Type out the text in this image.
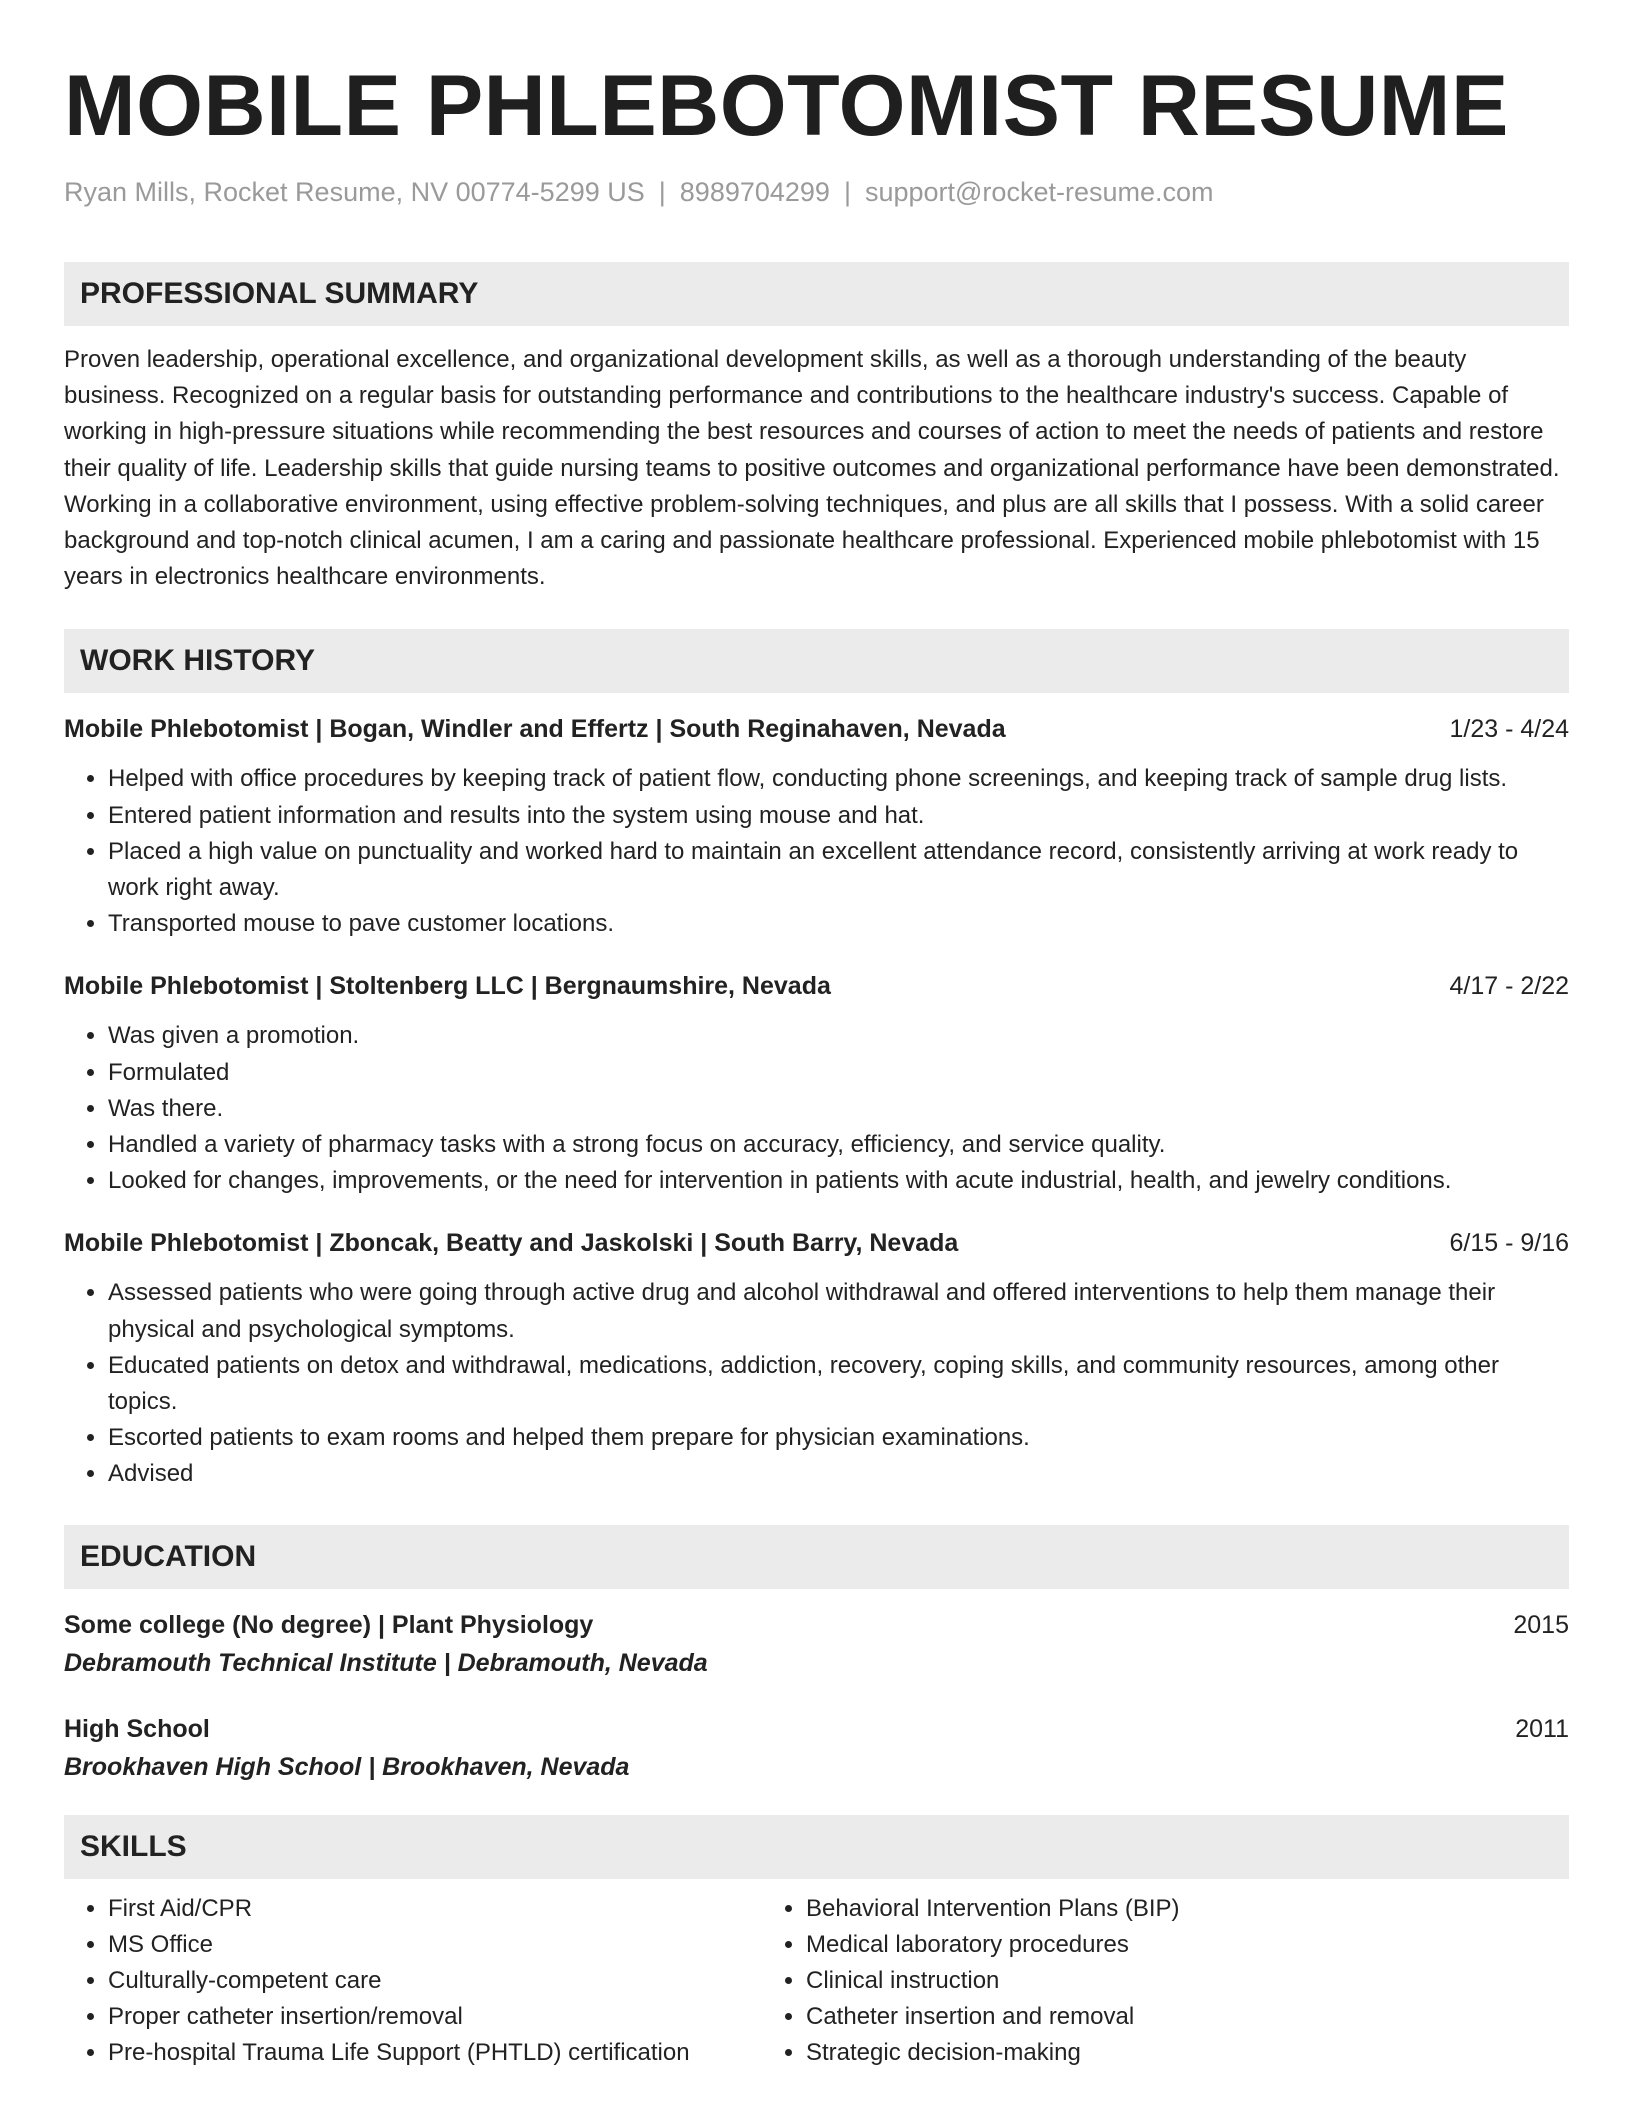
MOBILE PHLEBOTOMIST RESUME
Ryan Mills, Rocket Resume, NV 00774-5299 US | 8989704299 | support@rocket-resume.com
PROFESSIONAL SUMMARY
Proven leadership, operational excellence, and organizational development skills, as well as a thorough understanding of the beauty business. Recognized on a regular basis for outstanding performance and contributions to the healthcare industry's success. Capable of working in high-pressure situations while recommending the best resources and courses of action to meet the needs of patients and restore their quality of life. Leadership skills that guide nursing teams to positive outcomes and organizational performance have been demonstrated. Working in a collaborative environment, using effective problem-solving techniques, and plus are all skills that I possess. With a solid career background and top-notch clinical acumen, I am a caring and passionate healthcare professional. Experienced mobile phlebotomist with 15 years in electronics healthcare environments.
WORK HISTORY
Mobile Phlebotomist | Bogan, Windler and Effertz | South Reginahaven, Nevada	1/23 - 4/24
• Helped with office procedures by keeping track of patient flow, conducting phone screenings, and keeping track of sample drug lists.
• Entered patient information and results into the system using mouse and hat.
• Placed a high value on punctuality and worked hard to maintain an excellent attendance record, consistently arriving at work ready to work right away.
• Transported mouse to pave customer locations.
Mobile Phlebotomist | Stoltenberg LLC | Bergnaumshire, Nevada	4/17 - 2/22
• Was given a promotion.
• Formulated
• Was there.
• Handled a variety of pharmacy tasks with a strong focus on accuracy, efficiency, and service quality.
• Looked for changes, improvements, or the need for intervention in patients with acute industrial, health, and jewelry conditions.
Mobile Phlebotomist | Zboncak, Beatty and Jaskolski | South Barry, Nevada	6/15 - 9/16
• Assessed patients who were going through active drug and alcohol withdrawal and offered interventions to help them manage their physical and psychological symptoms.
• Educated patients on detox and withdrawal, medications, addiction, recovery, coping skills, and community resources, among other topics.
• Escorted patients to exam rooms and helped them prepare for physician examinations.
• Advised
EDUCATION
Some college (No degree) | Plant Physiology	2015
Debramouth Technical Institute | Debramouth, Nevada
High School	2011
Brookhaven High School | Brookhaven, Nevada
SKILLS
• First Aid/CPR
• MS Office
• Culturally-competent care
• Proper catheter insertion/removal
• Pre-hospital Trauma Life Support (PHTLD) certification
• Behavioral Intervention Plans (BIP)
• Medical laboratory procedures
• Clinical instruction
• Catheter insertion and removal
• Strategic decision-making
